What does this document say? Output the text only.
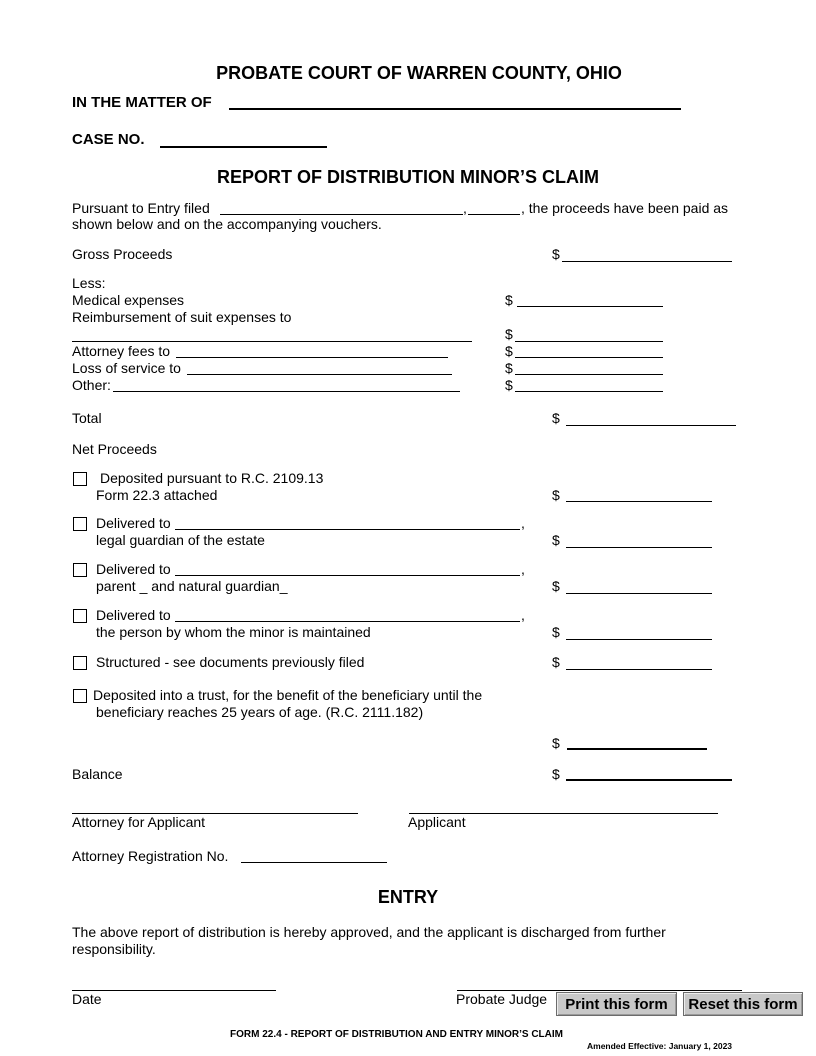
PROBATE COURT OF WARREN COUNTY, OHIO
IN THE MATTER OF
CASE NO.
REPORT OF DISTRIBUTION MINOR’S CLAIM
Pursuant to Entry filed	,	, the proceeds have been paid as
shown below and on the accompanying vouchers.
Gross Proceeds	$
Less:
Medical expenses	$
Reimbursement of suit expenses to
$
Attorney fees to	$
Loss of service to	$
Other:	$
Total	$
Net Proceeds
Deposited pursuant to R.C. 2109.13
Form 22.3 attached	$
Delivered to	,
legal guardian of the estate	$
Delivered to	,
parent _ and natural guardian_	$
Delivered to	,
the person by whom the minor is maintained	$
Structured - see documents previously filed	$
Deposited into a trust, for the benefit of the beneficiary until the
beneficiary reaches 25 years of age. (R.C. 2111.182)
$
Balance	$
Attorney for Applicant	Applicant
Attorney Registration No.
ENTRY
The above report of distribution is hereby approved, and the applicant is discharged from further
responsibility.
Date	Probate Judge	Print this form	Reset this form
FORM 22.4 - REPORT OF DISTRIBUTION AND ENTRY MINOR’S CLAIM
Amended Effective: January 1, 2023
